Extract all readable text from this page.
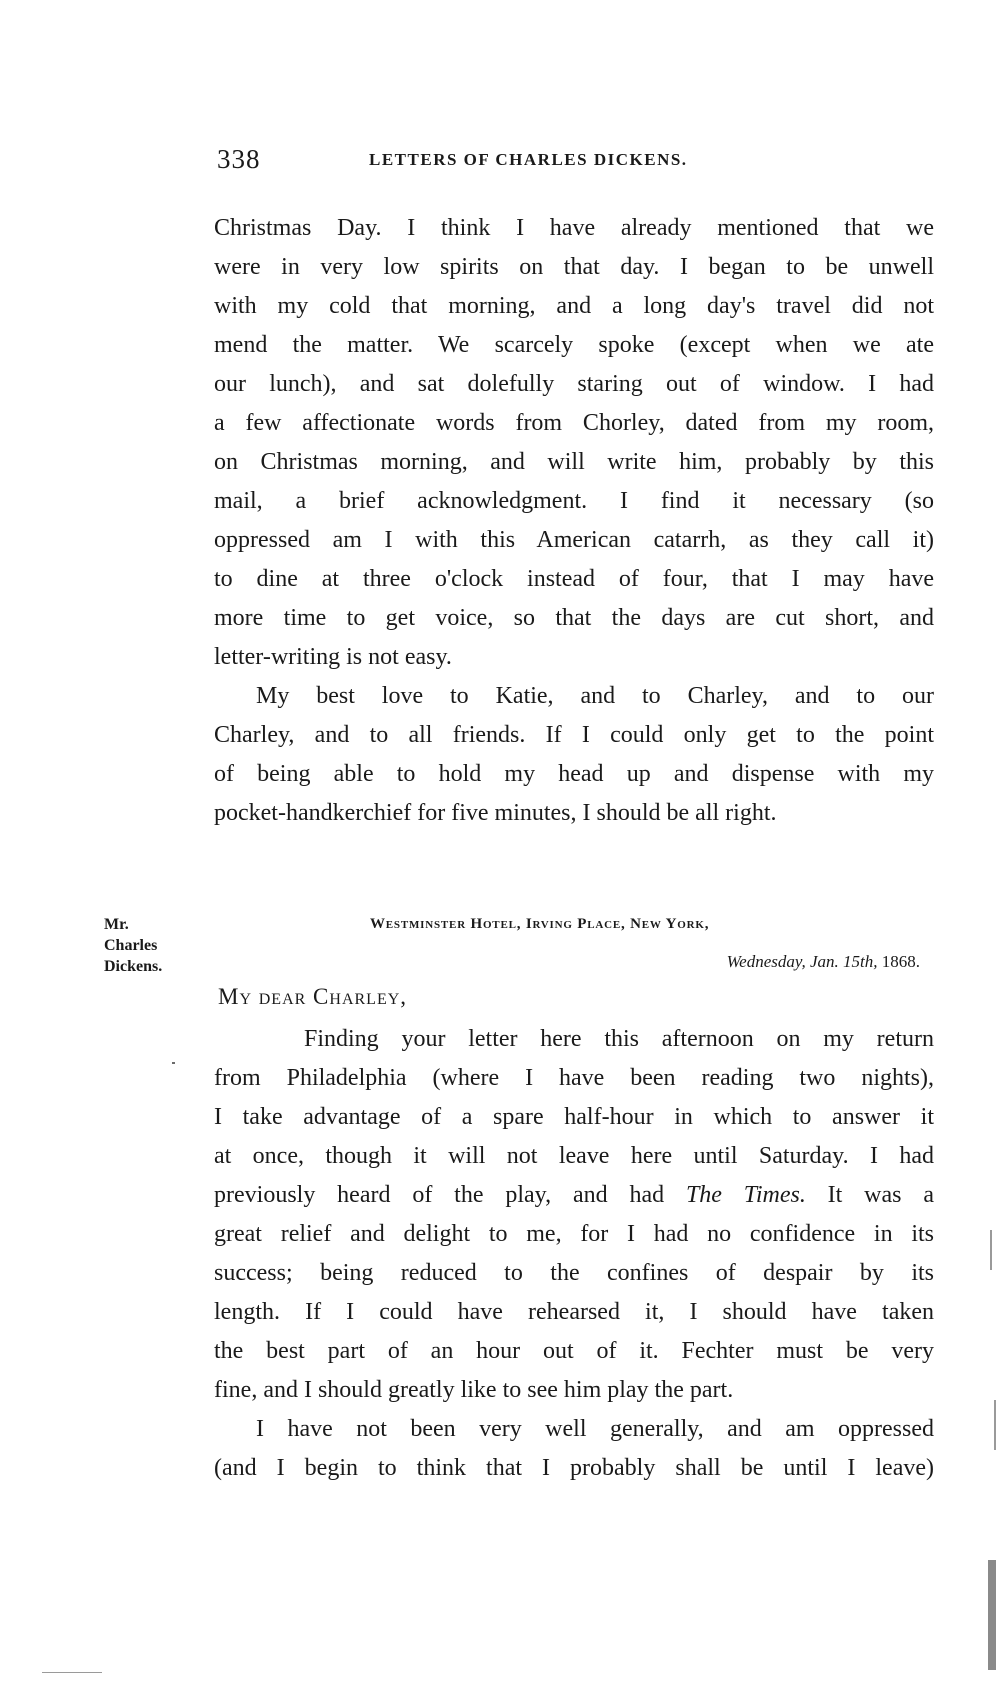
338	LETTERS OF CHARLES DICKENS.
Christmas Day. I think I have already mentioned that we
were in very low spirits on that day. I began to be unwell
with my cold that morning, and a long day's travel did not
mend the matter. We scarcely spoke (except when we ate
our lunch), and sat dolefully staring out of window. I had
a few affectionate words from Chorley, dated from my room,
on Christmas morning, and will write him, probably by this
mail, a brief acknowledgment. I find it necessary (so
oppressed am I with this American catarrh, as they call it)
to dine at three o'clock instead of four, that I may have
more time to get voice, so that the days are cut short, and
letter-writing is not easy.
My best love to Katie, and to Charley, and to our
Charley, and to all friends. If I could only get to the point
of being able to hold my head up and dispense with my
pocket-handkerchief for five minutes, I should be all right.
Mr.
Charles
Dickens.
Westminster Hotel, Irving Place, New York,
Wednesday, Jan. 15th, 1868.
My dear Charley,
Finding your letter here this afternoon on my return
from Philadelphia (where I have been reading two nights),
I take advantage of a spare half-hour in which to answer it
at once, though it will not leave here until Saturday. I had
previously heard of the play, and had The Times. It was a
great relief and delight to me, for I had no confidence in its
success; being reduced to the confines of despair by its
length. If I could have rehearsed it, I should have taken
the best part of an hour out of it. Fechter must be very
fine, and I should greatly like to see him play the part.
I have not been very well generally, and am oppressed
(and I begin to think that I probably shall be until I leave)
